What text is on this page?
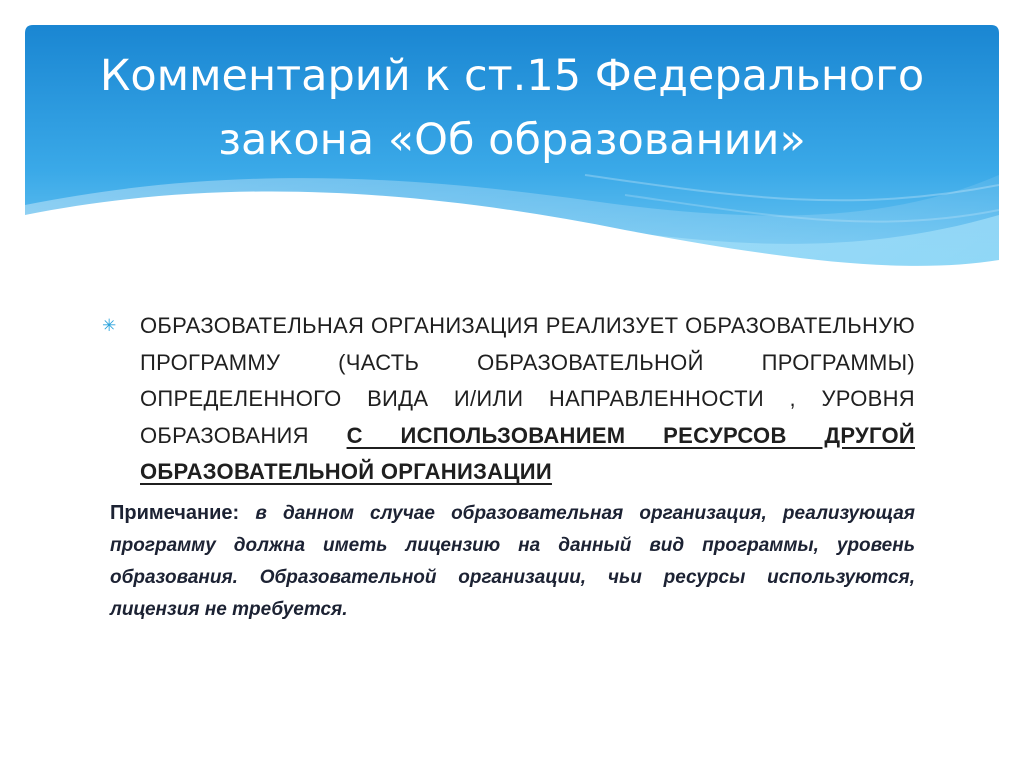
Комментарий к ст.15 Федерального
закона «Об образовании»
✳ ОБРАЗОВАТЕЛЬНАЯ ОРГАНИЗАЦИЯ РЕАЛИЗУЕТ ОБРАЗОВАТЕЛЬНУЮ ПРОГРАММУ (ЧАСТЬ ОБРАЗОВАТЕЛЬНОЙ ПРОГРАММЫ) ОПРЕДЕЛЕННОГО ВИДА И/ИЛИ НАПРАВЛЕННОСТИ , УРОВНЯ ОБРАЗОВАНИЯ С ИСПОЛЬЗОВАНИЕМ РЕСУРСОВ ДРУГОЙ ОБРАЗОВАТЕЛЬНОЙ ОРГАНИЗАЦИИ
Примечание: в данном случае образовательная организация, реализующая программу должна иметь лицензию на данный вид программы, уровень образования. Образовательной организации, чьи ресурсы используются, лицензия не требуется.
